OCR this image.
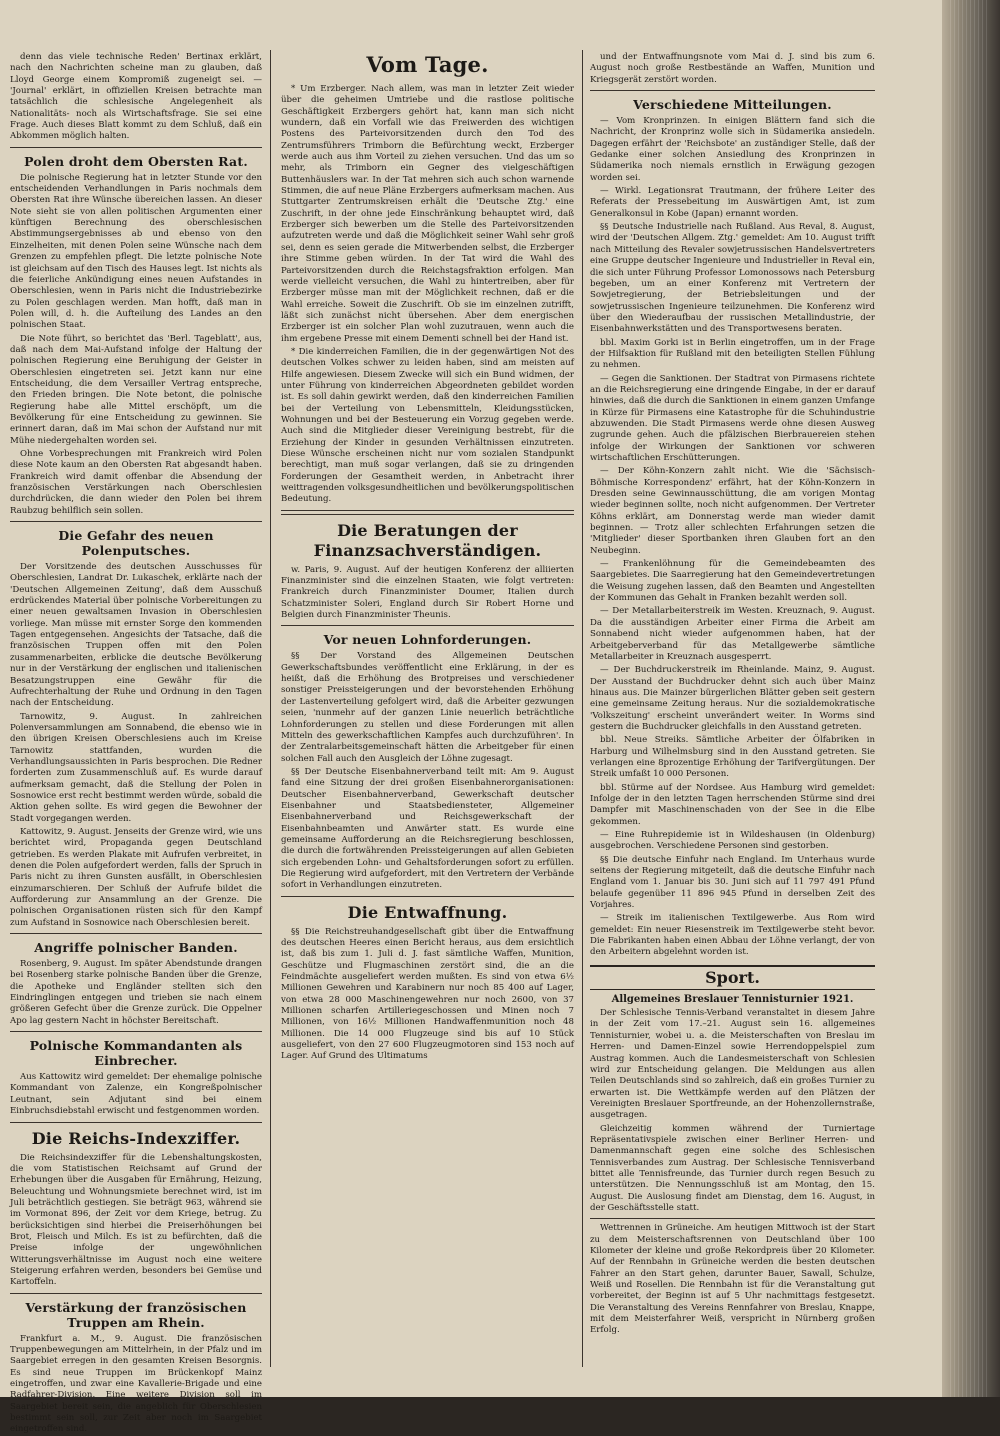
denn das viele technische Reden' Bertinax erklärt, nach den Nachrichten scheine man zu glauben, daß Lloyd George einem Kompromiß zugeneigt sei. — 'Journal' erklärt, in offiziellen Kreisen betrachte man tatsächlich die schlesische Angelegenheit als Nationalitäts- noch als Wirtschaftsfrage. Sie sei eine Frage. Auch dieses Blatt kommt zu dem Schluß, daß ein Abkommen möglich halten.

Polen droht dem Obersten Rat.

Die polnische Regierung hat in letzter Stunde vor den entscheidenden Verhandlungen in Paris nochmals dem Obersten Rat ihre Wünsche übereichen lassen. An dieser Note sieht sie von allen politischen Argumenten einer künftigen Berechnung des oberschlesischen Abstimmungsergebnisses ab und ebenso von den Einzelheiten, mit denen Polen seine Wünsche nach dem Grenzen zu empfehlen pflegt. Die letzte polnische Note ist gleichsam auf den Tisch des Hauses legt. Ist nichts als die feierliche Ankündigung eines neuen Aufstandes in Oberschlesien, wenn in Paris nicht die Industriebezirke zu Polen geschlagen werden. Man hofft, daß man in Polen will, d. h. die Aufteilung des Landes an den polnischen Staat.

Die Note führt, so berichtet das 'Berl. Tageblatt', aus, daß nach dem Mai-Aufstand infolge der Haltung der polnischen Regierung eine Beruhigung der Geister in Oberschlesien eingetreten sei. Jetzt kann nur eine Entscheidung, die dem Versailler Vertrag entspreche, den Frieden bringen. Die Note betont, die polnische Regierung habe alle Mittel erschöpft, um die Bevölkerung für eine Entscheidung zu gewinnen. Sie erinnert daran, daß im Mai schon der Aufstand nur mit Mühe niedergehalten worden sei.

Ohne Vorbesprechungen mit Frankreich wird Polen diese Note kaum an den Obersten Rat abgesandt haben. Frankreich wird damit offenbar die Absendung der französischen Verstärkungen nach Oberschlesien durchdrücken, die dann wieder den Polen bei ihrem Raubzug behilflich sein sollen.

Die Gefahr des neuen Polenputsches.

Der Vorsitzende des deutschen Ausschusses für Oberschlesien, Landrat Dr. Lukaschek, erklärte nach der 'Deutschen Allgemeinen Zeitung', daß dem Ausschuß erdrückendes Material über polnische Vorbereitungen zu einer neuen gewaltsamen Invasion in Oberschlesien vorliege. Man müsse mit ernster Sorge den kommenden Tagen entgegensehen. Angesichts der Tatsache, daß die französischen Truppen offen mit den Polen zusammenarbeiten, erblicke die deutsche Bevölkerung nur in der Verstärkung der englischen und italienischen Besatzungstruppen eine Gewähr für die Aufrechterhaltung der Ruhe und Ordnung in den Tagen nach der Entscheidung.

Tarnowitz, 9. August. In zahlreichen Polenversammlungen am Sonnabend, die ebenso wie in den übrigen Kreisen Oberschlesiens auch im Kreise Tarnowitz stattfanden, wurden die Verhandlungsaussichten in Paris besprochen. Die Redner forderten zum Zusammenschluß auf. Es wurde darauf aufmerksam gemacht, daß die Stellung der Polen in Sosnowice erst recht bestimmt werden würde, sobald die Aktion gehen sollte. Es wird gegen die Bewohner der Stadt vorgegangen werden.

Kattowitz, 9. August. Jenseits der Grenze wird, wie uns berichtet wird, Propaganda gegen Deutschland getrieben. Es werden Plakate mit Aufrufen verbreitet, in denen die Polen aufgefordert werden, falls der Spruch in Paris nicht zu ihren Gunsten ausfällt, in Oberschlesien einzumarschieren. Der Schluß der Aufrufe bildet die Aufforderung zur Ansammlung an der Grenze. Die polnischen Organisationen rüsten sich für den Kampf zum Aufstand in Sosnowice nach Oberschlesien bereit.

Angriffe polnischer Banden.

Rosenberg, 9. August. Im später Abendstunde drangen bei Rosenberg starke polnische Banden über die Grenze, die Apotheke und Engländer stellten sich den Eindringlingen entgegen und trieben sie nach einem größeren Gefecht über die Grenze zurück. Die Oppelner Apo lag gestern Nacht in höchster Bereitschaft.

Polnische Kommandanten als Einbrecher.

Aus Kattowitz wird gemeldet: Der ehemalige polnische Kommandant von Zalenze, ein Kongreßpolnischer Leutnant, sein Adjutant sind bei einem Einbruchsdiebstahl erwischt und festgenommen worden.

Die Reichs-Indexziffer.

Die Reichsindexziffer für die Lebenshaltungskosten, die vom Statistischen Reichsamt auf Grund der Erhebungen über die Ausgaben für Ernährung, Heizung, Beleuchtung und Wohnungsmiete berechnet wird, ist im Juli beträchtlich gestiegen. Sie beträgt 963, während sie im Vormonat 896, der Zeit vor dem Kriege, betrug. Zu berücksichtigen sind hierbei die Preiserhöhungen bei Brot, Fleisch und Milch. Es ist zu befürchten, daß die Preise infolge der ungewöhnlichen Witterungsverhältnisse im August noch eine weitere Steigerung erfahren werden, besonders bei Gemüse und Kartoffeln.

Verstärkung der französischen Truppen am Rhein.

Frankfurt a. M., 9. August. Die französischen Truppenbewegungen am Mittelrhein, in der Pfalz und im Saargebiet erregen in den gesamten Kreisen Besorgnis. Es sind neue Truppen im Brückenkopf Mainz eingetroffen, und zwar eine Kavallerie-Brigade und eine Radfahrer-Division. Eine weitere Division soll im Saargebiet bereit sein, die angeblich für Oberschlesien bestimmt sein soll, zur Zeit aber noch im Saargebiet eingetroffen sind.

Vom Tage.

* Um Erzberger. Nach allem, was man in letzter Zeit wieder über die geheimen Umtriebe und die rastlose politische Geschäftigkeit Erzbergers gehört hat, kann man sich nicht wundern, daß ein Vorfall wie das Freiwerden des wichtigen Postens des Parteivorsitzenden durch den Tod des Zentrumsführers Trimborn die Befürchtung weckt, Erzberger werde auch aus ihm Vorteil zu ziehen versuchen. Und das um so mehr, als Trimborn ein Gegner des vielgeschäftigen Buttenhäuslers war. In der Tat mehren sich auch schon warnende Stimmen, die auf neue Pläne Erzbergers aufmerksam machen. Aus Stuttgarter Zentrumskreisen erhält die 'Deutsche Ztg.' eine Zuschrift, in der ohne jede Einschränkung behauptet wird, daß Erzberger sich bewerben um die Stelle des Parteivorsitzenden aufzutreten werde und daß die Möglichkeit seiner Wahl sehr groß sei, denn es seien gerade die Mitwerbenden selbst, die Erzberger ihre Stimme geben würden. In der Tat wird die Wahl des Parteivorsitzenden durch die Reichstagsfraktion erfolgen. Man werde vielleicht versuchen, die Wahl zu hintertreiben, aber für Erzberger müsse man mit der Möglichkeit rechnen, daß er die Wahl erreiche. Soweit die Zuschrift. Ob sie im einzelnen zutrifft, läßt sich zunächst nicht übersehen. Aber dem energischen Erzberger ist ein solcher Plan wohl zuzutrauen, wenn auch die ihm ergebene Presse mit einem Dementi schnell bei der Hand ist.

* Die kinderreichen Familien, die in der gegenwärtigen Not des deutschen Volkes schwer zu leiden haben, sind am meisten auf Hilfe angewiesen. Diesem Zwecke will sich ein Bund widmen, der unter Führung von kinderreichen Abgeordneten gebildet worden ist. Es soll dahin gewirkt werden, daß den kinderreichen Familien bei der Verteilung von Lebensmitteln, Kleidungsstücken, Wohnungen und bei der Besteuerung ein Vorzug gegeben werde. Auch sind die Mitglieder dieser Vereinigung bestrebt, für die Erziehung der Kinder in gesunden Verhältnissen einzutreten. Diese Wünsche erscheinen nicht nur vom sozialen Standpunkt berechtigt, man muß sogar verlangen, daß sie zu dringenden Forderungen der Gesamtheit werden, in Anbetracht ihrer weittragenden volksgesundheitlichen und bevölkerungspolitischen Bedeutung.

Die Beratungen der Finanzsachverständigen.

w. Paris, 9. August. Auf der heutigen Konferenz der alliierten Finanzminister sind die einzelnen Staaten, wie folgt vertreten: Frankreich durch Finanzminister Doumer, Italien durch Schatzminister Soleri, England durch Sir Robert Horne und Belgien durch Finanzminister Theunis.

Vor neuen Lohnforderungen.

§§ Der Vorstand des Allgemeinen Deutschen Gewerkschaftsbundes veröffentlicht eine Erklärung, in der es heißt, daß die Erhöhung des Brotpreises und verschiedener sonstiger Preissteigerungen und der bevorstehenden Erhöhung der Lastenverteilung gefolgert wird, daß die Arbeiter gezwungen seien, 'nunmehr auf der ganzen Linie neuerlich beträchtliche Lohnforderungen zu stellen und diese Forderungen mit allen Mitteln des gewerkschaftlichen Kampfes auch durchzuführen'. In der Zentralarbeitsgemeinschaft hätten die Arbeitgeber für einen solchen Fall auch den Ausgleich der Löhne zugesagt.

§§ Der Deutsche Eisenbahnerverband teilt mit: Am 9. August fand eine Sitzung der drei großen Eisenbahnerorganisationen: Deutscher Eisenbahnerverband, Gewerkschaft deutscher Eisenbahner und Staatsbediensteter, Allgemeiner Eisenbahnerverband und Reichsgewerkschaft der Eisenbahnbeamten und Anwärter statt. Es wurde eine gemeinsame Aufforderung an die Reichsregierung beschlossen, die durch die fortwährenden Preissteigerungen auf allen Gebieten sich ergebenden Lohn- und Gehaltsforderungen sofort zu erfüllen. Die Regierung wird aufgefordert, mit den Vertretern der Verbände sofort in Verhandlungen einzutreten.

Die Entwaffnung.

§§ Die Reichstreuhandgesellschaft gibt über die Entwaffnung des deutschen Heeres einen Bericht heraus, aus dem ersichtlich ist, daß bis zum 1. Juli d. J. fast sämtliche Waffen, Munition, Geschütze und Flugmaschinen zerstört sind, die an die Feindmächte ausgeliefert werden mußten. Es sind von etwa 6½ Millionen Gewehren und Karabinern nur noch 85 400 auf Lager, von etwa 28 000 Maschinengewehren nur noch 2600, von 37 Millionen scharfen Artilleriegeschossen und Minen noch 7 Millionen, von 16½ Millionen Handwaffenmunition noch 48 Millionen. Die 14 000 Flugzeuge sind bis auf 10 Stück ausgeliefert, von den 27 600 Flugzeugmotoren sind 153 noch auf Lager. Auf Grund des Ultimatums

und der Entwaffnungsnote vom Mai d. J. sind bis zum 6. August noch große Restbestände an Waffen, Munition und Kriegsgerät zerstört worden.

Verschiedene Mitteilungen.

— Vom Kronprinzen. In einigen Blättern fand sich die Nachricht, der Kronprinz wolle sich in Südamerika ansiedeln. Dagegen erfährt der 'Reichsbote' an zuständiger Stelle, daß der Gedanke einer solchen Ansiedlung des Kronprinzen in Südamerika noch niemals ernstlich in Erwägung gezogen worden sei.

— Wirkl. Legationsrat Trautmann, der frühere Leiter des Referats der Pressebeitung im Auswärtigen Amt, ist zum Generalkonsul in Kobe (Japan) ernannt worden.

§§ Deutsche Industrielle nach Rußland. Aus Reval, 8. August, wird der 'Deutschen Allgem. Ztg.' gemeldet: Am 10. August trifft nach Mitteilung des Revaler sowjetrussischen Handelsvertreters eine Gruppe deutscher Ingenieure und Industrieller in Reval ein, die sich unter Führung Professor Lomonossows nach Petersburg begeben, um an einer Konferenz mit Vertretern der Sowjetregierung, der Betriebsleitungen und der sowjetrussischen Ingenieure teilzunehmen. Die Konferenz wird über den Wiederaufbau der russischen Metallindustrie, der Eisenbahnwerkstätten und des Transportwesens beraten.

bbl. Maxim Gorki ist in Berlin eingetroffen, um in der Frage der Hilfsaktion für Rußland mit den beteiligten Stellen Fühlung zu nehmen.

— Gegen die Sanktionen. Der Stadtrat von Pirmasens richtete an die Reichsregierung eine dringende Eingabe, in der er darauf hinwies, daß die durch die Sanktionen in einem ganzen Umfange in Kürze für Pirmasens eine Katastrophe für die Schuhindustrie abzuwenden. Die Stadt Pirmasens werde ohne diesen Ausweg zugrunde gehen. Auch die pfälzischen Bierbrauereien stehen infolge der Wirkungen der Sanktionen vor schweren wirtschaftlichen Erschütterungen.

— Der Köhn-Konzern zahlt nicht. Wie die 'Sächsisch-Böhmische Korrespondenz' erfährt, hat der Köhn-Konzern in Dresden seine Gewinnausschüttung, die am vorigen Montag wieder beginnen sollte, noch nicht aufgenommen. Der Vertreter Köhns erklärt, am Donnerstag werde man wieder damit beginnen. — Trotz aller schlechten Erfahrungen setzen die 'Mitglieder' dieser Sportbanken ihren Glauben fort an den Neubeginn.

— Frankenlöhnung für die Gemeindebeamten des Saargebietes. Die Saarregierung hat den Gemeindevertretungen die Weisung zugehen lassen, daß den Beamten und Angestellten der Kommunen das Gehalt in Franken bezahlt werden soll.

— Der Metallarbeiterstreik im Westen. Kreuznach, 9. August. Da die ausständigen Arbeiter einer Firma die Arbeit am Sonnabend nicht wieder aufgenommen haben, hat der Arbeitgeberverband für das Metallgewerbe sämtliche Metallarbeiter in Kreuznach ausgesperrt.

— Der Buchdruckerstreik im Rheinlande. Mainz, 9. August. Der Ausstand der Buchdrucker dehnt sich auch über Mainz hinaus aus. Die Mainzer bürgerlichen Blätter geben seit gestern eine gemeinsame Zeitung heraus. Nur die sozialdemokratische 'Volkszeitung' erscheint unverändert weiter. In Worms sind gestern die Buchdrucker gleichfalls in den Ausstand getreten.

bbl. Neue Streiks. Sämtliche Arbeiter der Ölfabriken in Harburg und Wilhelmsburg sind in den Ausstand getreten. Sie verlangen eine 8prozentige Erhöhung der Tarifvergütungen. Der Streik umfaßt 10 000 Personen.

bbl. Stürme auf der Nordsee. Aus Hamburg wird gemeldet: Infolge der in den letzten Tagen herrschenden Stürme sind drei Dampfer mit Maschinenschaden von der See in die Elbe gekommen.

— Eine Ruhrepidemie ist in Wildeshausen (in Oldenburg) ausgebrochen. Verschiedene Personen sind gestorben.

§§ Die deutsche Einfuhr nach England. Im Unterhaus wurde seitens der Regierung mitgeteilt, daß die deutsche Einfuhr nach England vom 1. Januar bis 30. Juni sich auf 11 797 491 Pfund belaufe gegenüber 11 896 945 Pfund in derselben Zeit des Vorjahres.

— Streik im italienischen Textilgewerbe. Aus Rom wird gemeldet: Ein neuer Riesenstreik im Textilgewerbe steht bevor. Die Fabrikanten haben einen Abbau der Löhne verlangt, der von den Arbeitern abgelehnt worden ist.

Sport.
Allgemeines Breslauer Tennisturnier 1921.

Der Schlesische Tennis-Verband veranstaltet in diesem Jahre in der Zeit vom 17.–21. August sein 16. allgemeines Tennisturnier, wobei u. a. die Meisterschaften von Breslau im Herren- und Damen-Einzel sowie Herrendoppelspiel zum Austrag kommen. Auch die Landesmeisterschaft von Schlesien wird zur Entscheidung gelangen. Die Meldungen aus allen Teilen Deutschlands sind so zahlreich, daß ein großes Turnier zu erwarten ist. Die Wettkämpfe werden auf den Plätzen der Vereinigten Breslauer Sportfreunde, an der Hohenzollernstraße, ausgetragen.

Gleichzeitig kommen während der Turniertage Repräsentativspiele zwischen einer Berliner Herren- und Damenmannschaft gegen eine solche des Schlesischen Tennisverbandes zum Austrag. Der Schlesische Tennisverband bittet alle Tennisfreunde, das Turnier durch regen Besuch zu unterstützen. Die Nennungsschluß ist am Montag, den 15. August. Die Auslosung findet am Dienstag, dem 16. August, in der Geschäftsstelle statt.

Wettrennen in Grüneiche. Am heutigen Mittwoch ist der Start zu dem Meisterschaftsrennen von Deutschland über 100 Kilometer der kleine und große Rekordpreis über 20 Kilometer. Auf der Rennbahn in Grüneiche werden die besten deutschen Fahrer an den Start gehen, darunter Bauer, Sawall, Schulze, Weiß und Rosellen. Die Rennbahn ist für die Veranstaltung gut vorbereitet, der Beginn ist auf 5 Uhr nachmittags festgesetzt. Die Veranstaltung des Vereins Rennfahrer von Breslau, Knappe, mit dem Meisterfahrer Weiß, verspricht in Nürnberg großen Erfolg.
